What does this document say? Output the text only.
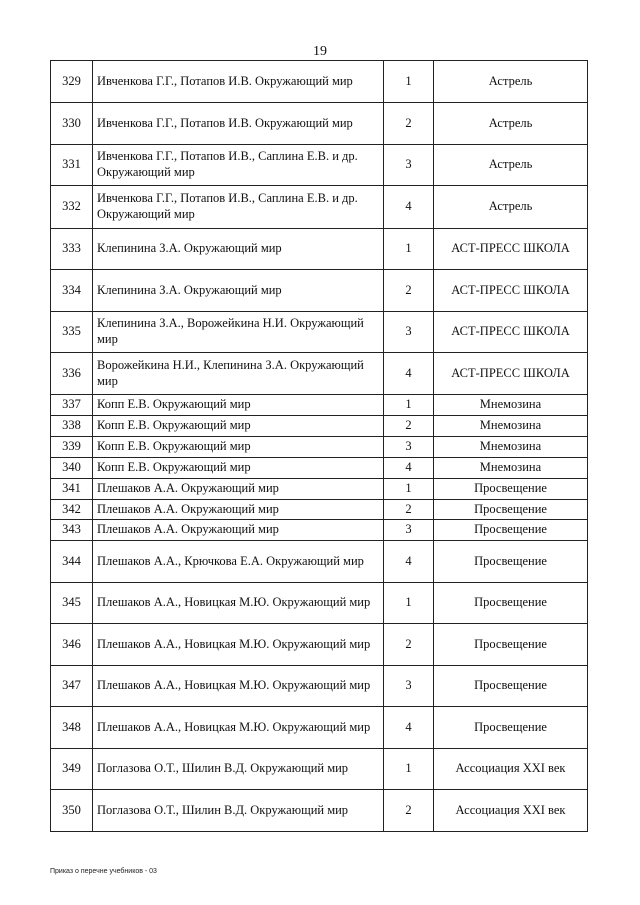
19
329	Ивченкова Г.Г., Потапов И.В. Окружающий мир	1	Астрель
330	Ивченкова Г.Г., Потапов И.В. Окружающий мир	2	Астрель
331	Ивченкова Г.Г., Потапов И.В., Саплина Е.В. и др. Окружающий мир	3	Астрель
332	Ивченкова Г.Г., Потапов И.В., Саплина Е.В. и др. Окружающий мир	4	Астрель
333	Клепинина З.А. Окружающий мир	1	АСТ-ПРЕСС ШКОЛА
334	Клепинина З.А. Окружающий мир	2	АСТ-ПРЕСС ШКОЛА
335	Клепинина З.А., Ворожейкина Н.И. Окружающий мир	3	АСТ-ПРЕСС ШКОЛА
336	Ворожейкина Н.И., Клепинина З.А. Окружающий мир	4	АСТ-ПРЕСС ШКОЛА
337	Копп Е.В. Окружающий мир	1	Мнемозина
338	Копп Е.В. Окружающий мир	2	Мнемозина
339	Копп Е.В. Окружающий мир	3	Мнемозина
340	Копп Е.В. Окружающий мир	4	Мнемозина
341	Плешаков А.А. Окружающий мир	1	Просвещение
342	Плешаков А.А. Окружающий мир	2	Просвещение
343	Плешаков А.А. Окружающий мир	3	Просвещение
344	Плешаков А.А., Крючкова Е.А. Окружающий мир	4	Просвещение
345	Плешаков А.А., Новицкая М.Ю. Окружающий мир	1	Просвещение
346	Плешаков А.А., Новицкая М.Ю. Окружающий мир	2	Просвещение
347	Плешаков А.А., Новицкая М.Ю. Окружающий мир	3	Просвещение
348	Плешаков А.А., Новицкая М.Ю. Окружающий мир	4	Просвещение
349	Поглазова О.Т., Шилин В.Д. Окружающий мир	1	Ассоциация XXI век
350	Поглазова О.Т., Шилин В.Д. Окружающий мир	2	Ассоциация XXI век
Приказ о перечне учебников - 03
